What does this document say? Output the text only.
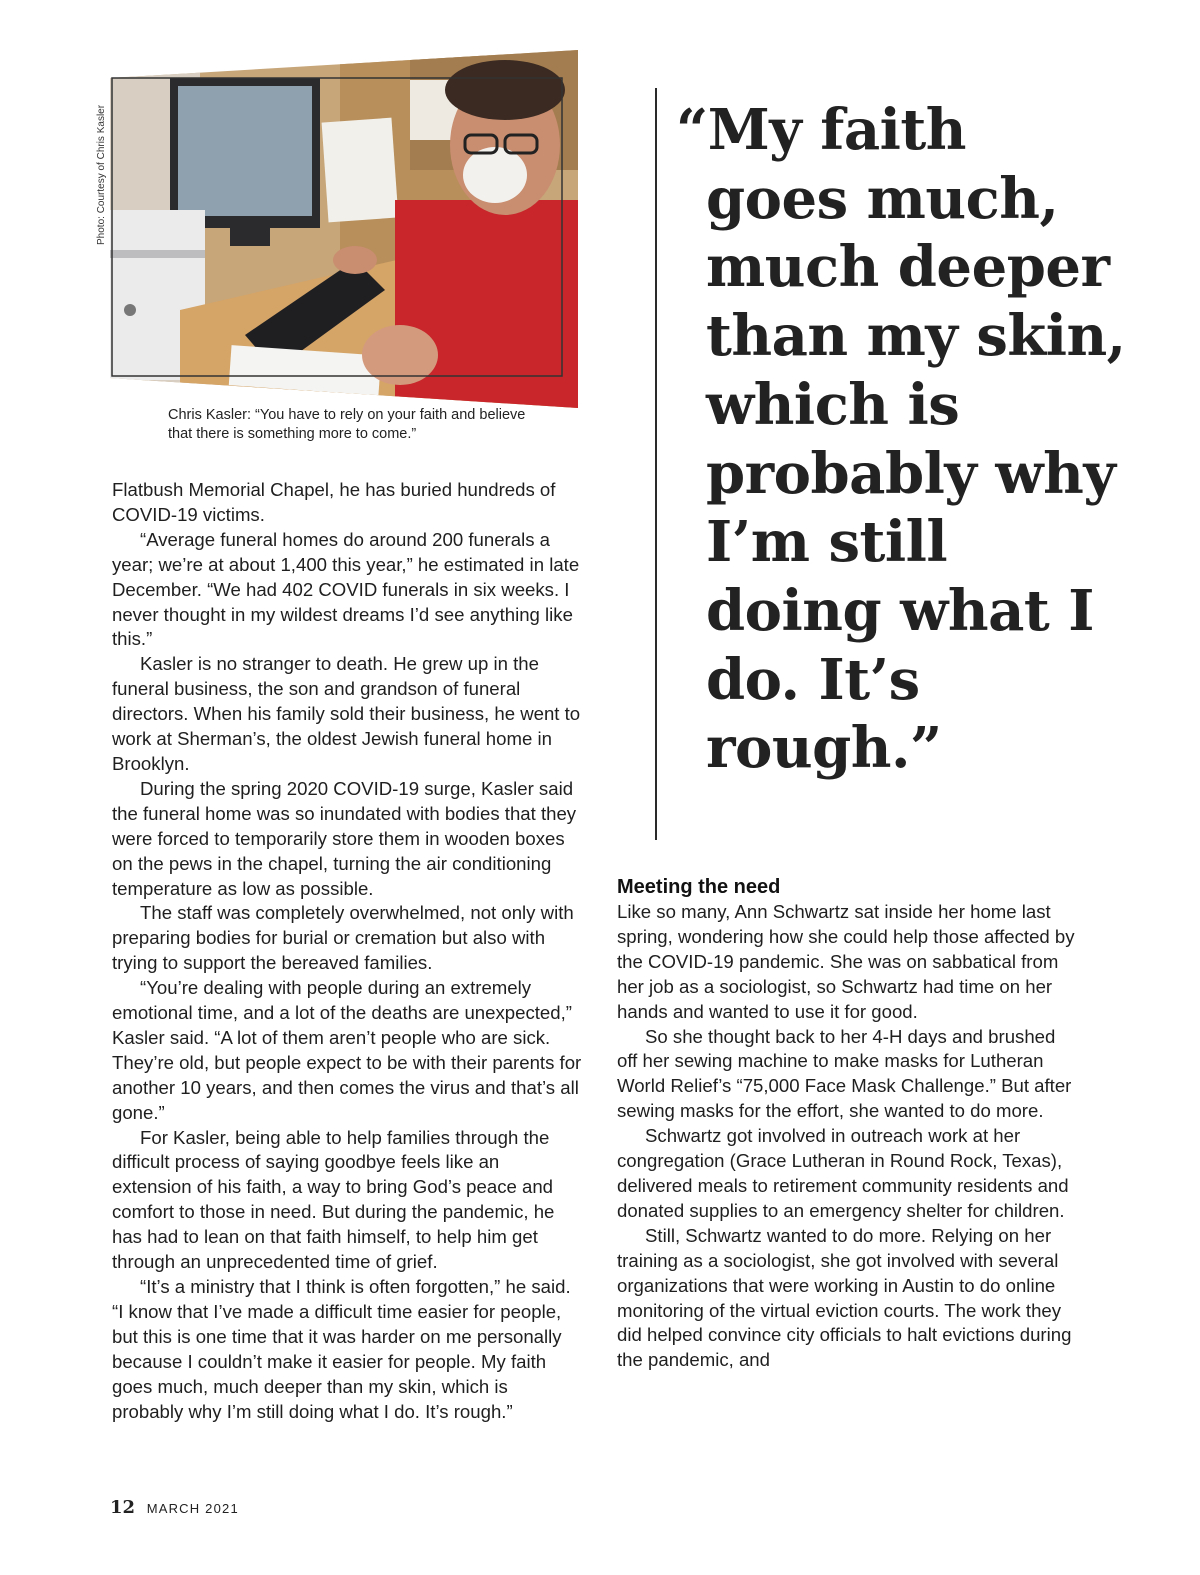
Photo: Courtesy of Chris Kasler
Chris Kasler: “You have to rely on your faith and believe that there is something more to come.”

Flatbush Memorial Chapel, he has buried hundreds of COVID-19 victims.

“Average funeral homes do around 200 funerals a year; we’re at about 1,400 this year,” he estimated in late December. “We had 402 COVID funerals in six weeks. I never thought in my wildest dreams I’d see anything like this.”

Kasler is no stranger to death. He grew up in the funeral business, the son and grandson of funeral directors. When his family sold their business, he went to work at Sherman’s, the oldest Jewish funeral home in Brooklyn.

During the spring 2020 COVID-19 surge, Kasler said the funeral home was so inundated with bodies that they were forced to temporarily store them in wooden boxes on the pews in the chapel, turning the air conditioning temperature as low as possible.

The staff was completely overwhelmed, not only with preparing bodies for burial or cremation but also with trying to support the bereaved families.

“You’re dealing with people during an extremely emotional time, and a lot of the deaths are unexpected,” Kasler said. “A lot of them aren’t people who are sick. They’re old, but people expect to be with their parents for another 10 years, and then comes the virus and that’s all gone.”

For Kasler, being able to help families through the difficult process of saying goodbye feels like an extension of his faith, a way to bring God’s peace and comfort to those in need. But during the pandemic, he has had to lean on that faith himself, to help him get through an unprecedented time of grief.

“It’s a ministry that I think is often forgotten,” he said. “I know that I’ve made a difficult time easier for people, but this is one time that it was harder on me personally because I couldn’t make it easier for people. My faith goes much, much deeper than my skin, which is probably why I’m still doing what I do. It’s rough.”

“My faith goes much, much deeper than my skin, which is probably why I’m still doing what I do. It’s rough.”

Meeting the need

Like so many, Ann Schwartz sat inside her home last spring, wondering how she could help those affected by the COVID-19 pandemic. She was on sabbatical from her job as a sociologist, so Schwartz had time on her hands and wanted to use it for good.

So she thought back to her 4-H days and brushed off her sewing machine to make masks for Lutheran World Relief’s “75,000 Face Mask Challenge.” But after sewing masks for the effort, she wanted to do more.

Schwartz got involved in outreach work at her congregation (Grace Lutheran in Round Rock, Texas), delivered meals to retirement community residents and donated supplies to an emergency shelter for children.

Still, Schwartz wanted to do more. Relying on her training as a sociologist, she got involved with several organizations that were working in Austin to do online monitoring of the virtual eviction courts. The work they did helped convince city officials to halt evictions during the pandemic, and

12 MARCH 2021
